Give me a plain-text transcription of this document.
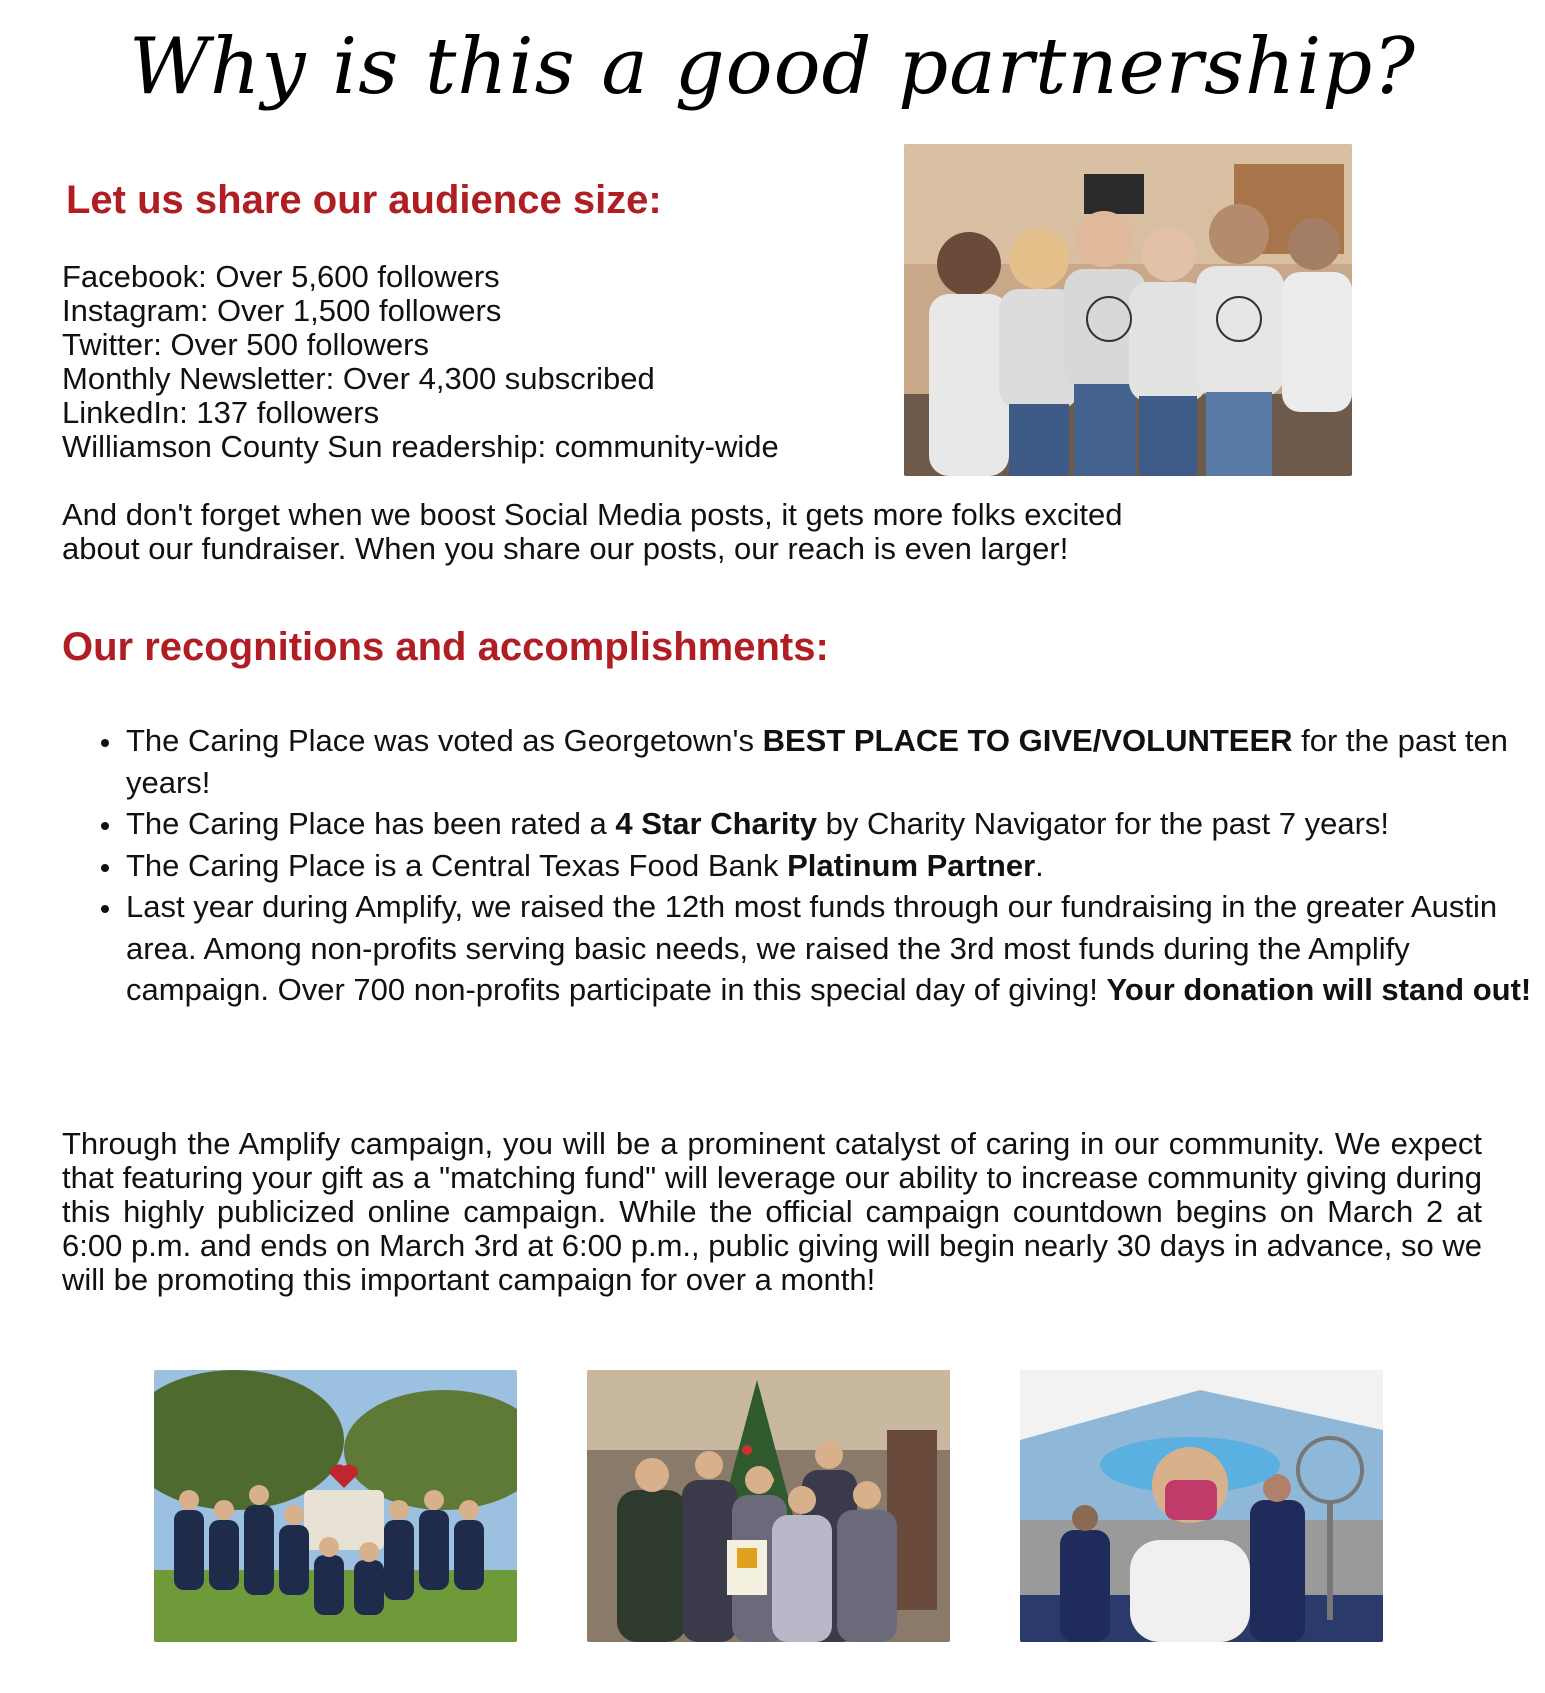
Why is this a good partnership?
Let us share our audience size:
Facebook: Over 5,600 followers
Instagram: Over 1,500 followers
Twitter: Over 500 followers
Monthly Newsletter: Over 4,300 subscribed
LinkedIn: 137 followers
Williamson County Sun readership: community-wide
And don't forget when we boost Social Media posts, it gets more folks excited
about our fundraiser. When you share our posts, our reach is even larger!
Our recognitions and accomplishments:
• The Caring Place was voted as Georgetown's BEST PLACE TO GIVE/VOLUNTEER for the past ten years!
• The Caring Place has been rated a 4 Star Charity by Charity Navigator for the past 7 years!
• The Caring Place is a Central Texas Food Bank Platinum Partner.
• Last year during Amplify, we raised the 12th most funds through our fundraising in the greater Austin area. Among non-profits serving basic needs, we raised the 3rd most funds during the Amplify campaign. Over 700 non-profits participate in this special day of giving! Your donation will stand out!
Through the Amplify campaign, you will be a prominent catalyst of caring in our community. We expect that featuring your gift as a "matching fund" will leverage our ability to increase community giving during this highly publicized online campaign. While the official campaign countdown begins on March 2 at 6:00 p.m. and ends on March 3rd at 6:00 p.m., public giving will begin nearly 30 days in advance, so we will be promoting this important campaign for over a month!
